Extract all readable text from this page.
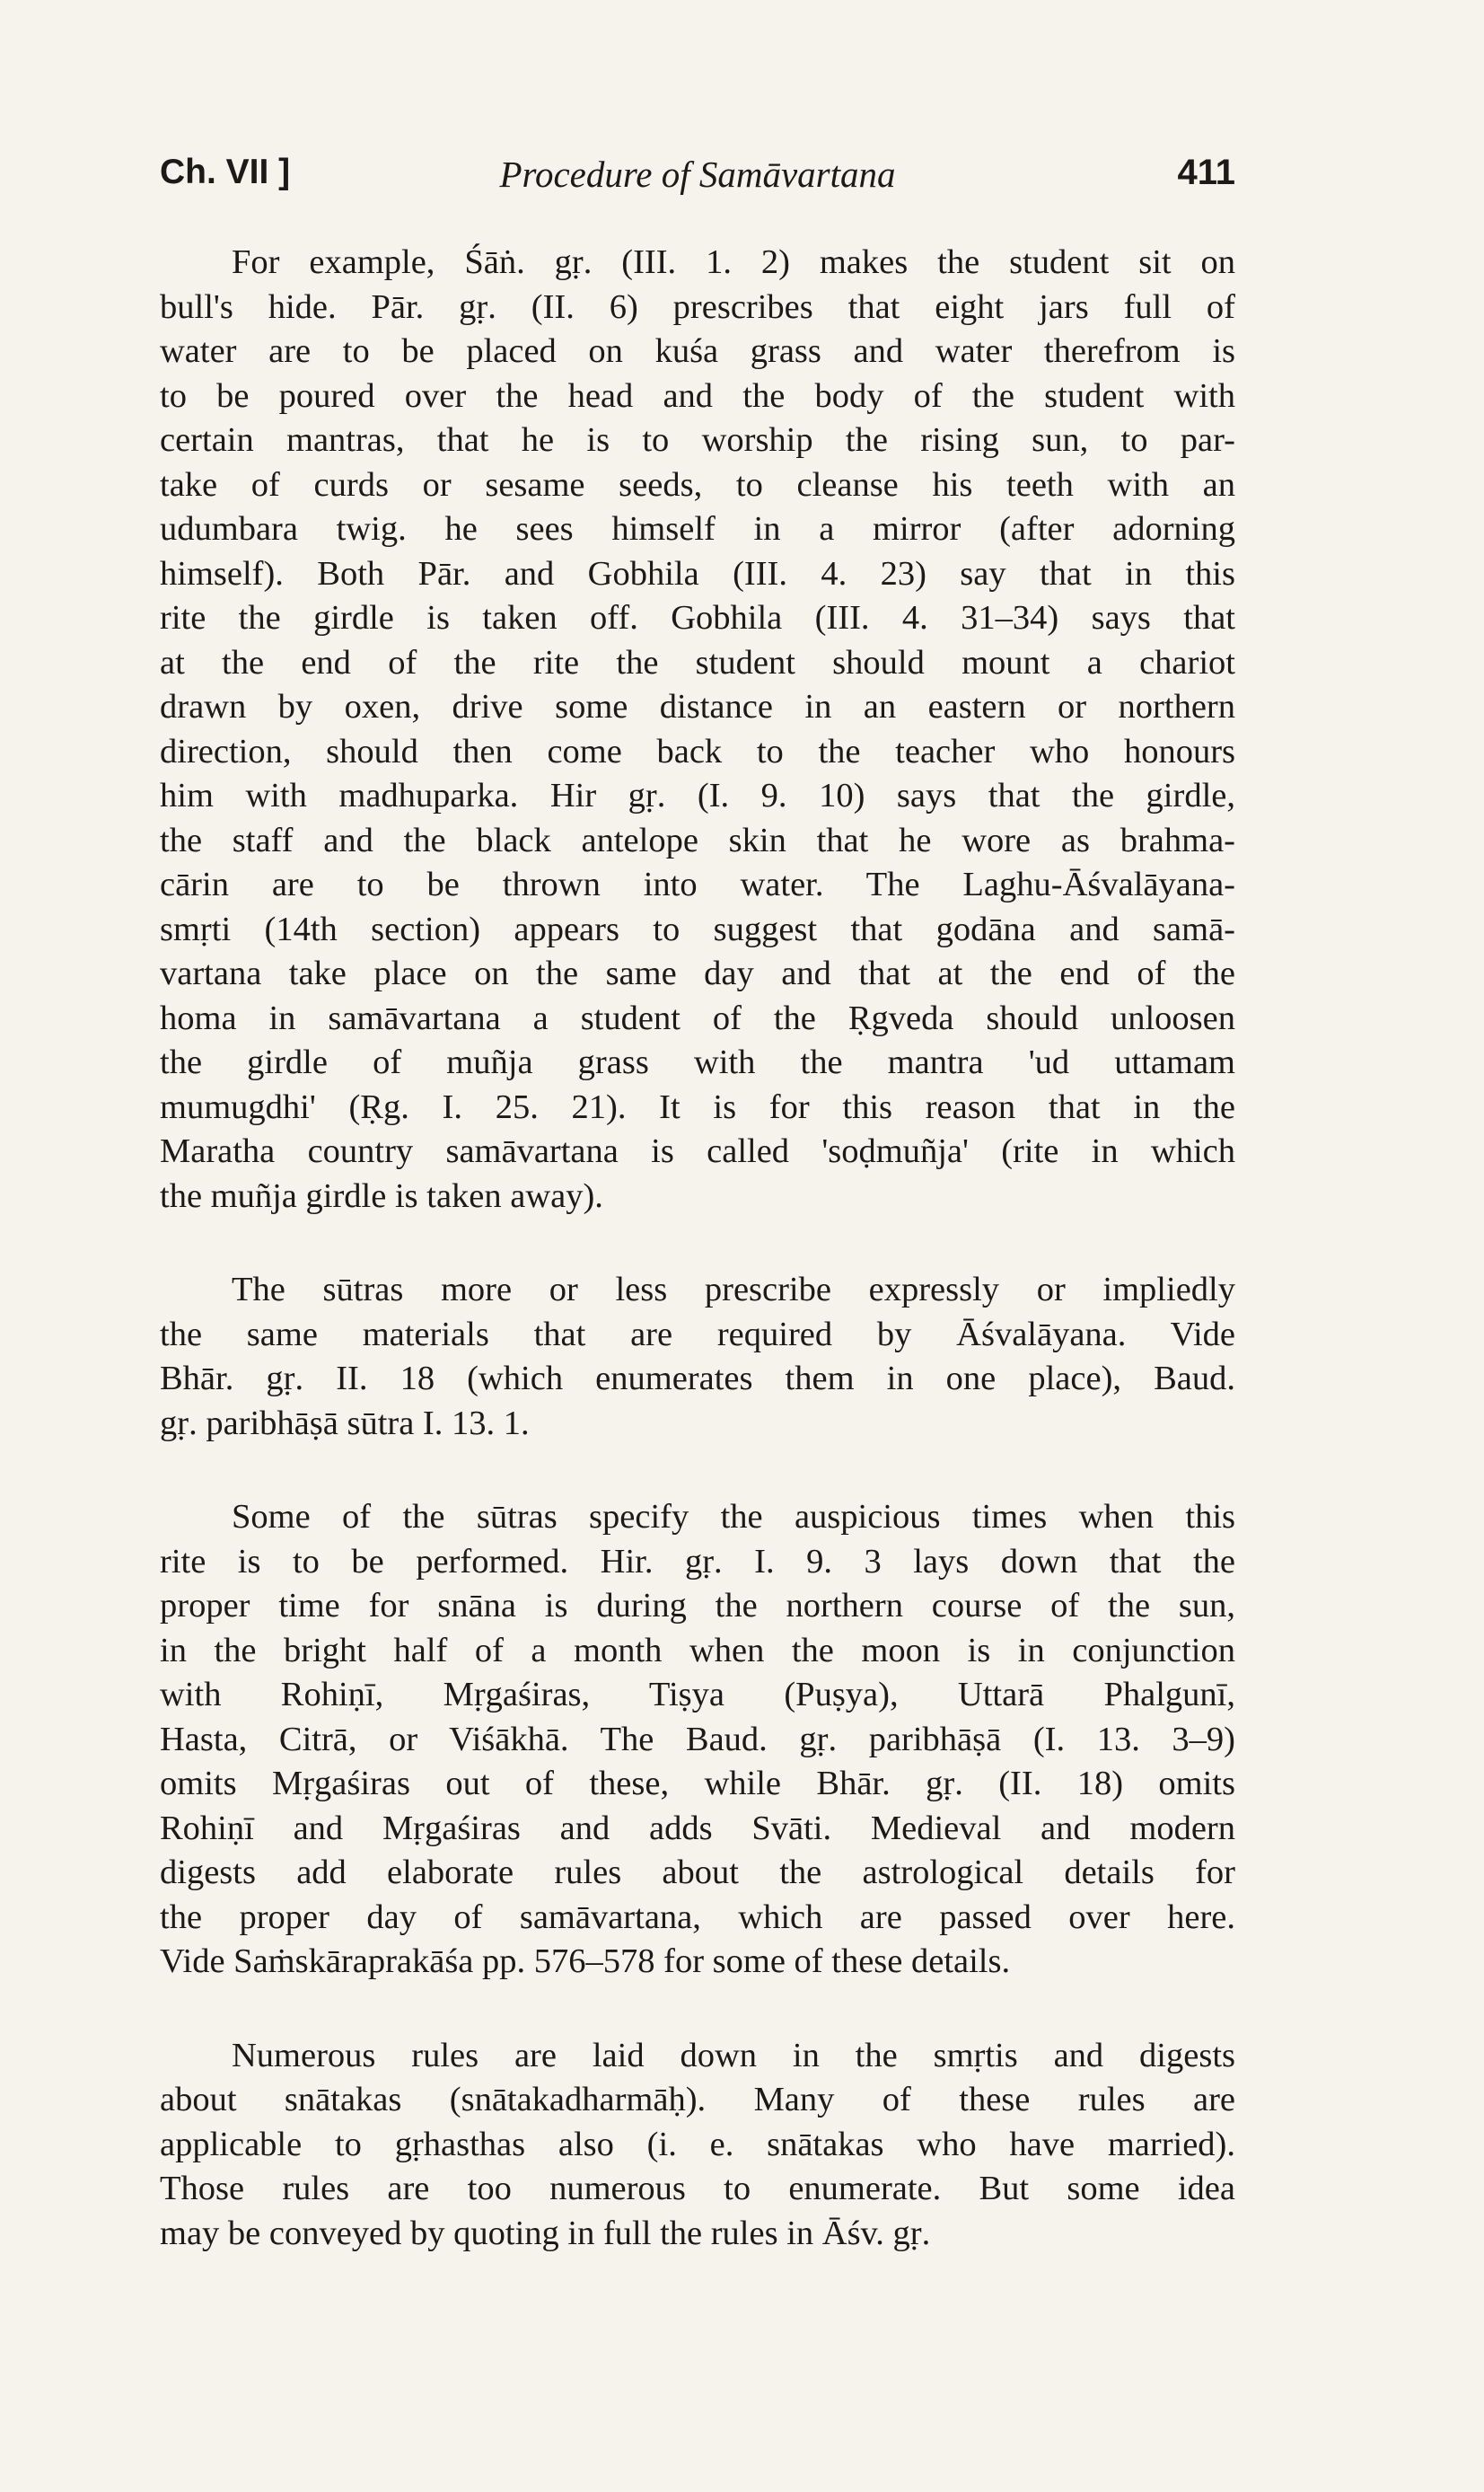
Ch. VII ]	Procedure of Samāvartana	411
For example, Śāṅ. gṛ. (III. 1. 2) makes the student sit on
bull's hide. Pār. gṛ. (II. 6) prescribes that eight jars full of
water are to be placed on kuśa grass and water therefrom is
to be poured over the head and the body of the student with
certain mantras, that he is to worship the rising sun, to par-
take of curds or sesame seeds, to cleanse his teeth with an
udumbara twig. he sees himself in a mirror (after adorning
himself). Both Pār. and Gobhila (III. 4. 23) say that in this
rite the girdle is taken off. Gobhila (III. 4. 31–34) says that
at the end of the rite the student should mount a chariot
drawn by oxen, drive some distance in an eastern or northern
direction, should then come back to the teacher who honours
him with madhuparka. Hir gṛ. (I. 9. 10) says that the girdle,
the staff and the black antelope skin that he wore as brahma-
cārin are to be thrown into water. The Laghu-Āśvalāyana-
smṛti (14th section) appears to suggest that godāna and samā-
vartana take place on the same day and that at the end of the
homa in samāvartana a student of the Ṛgveda should unloosen
the girdle of muñja grass with the mantra 'ud uttamam
mumugdhi' (Ṛg. I. 25. 21). It is for this reason that in the
Maratha country samāvartana is called 'soḍmuñja' (rite in which
the muñja girdle is taken away).
The sūtras more or less prescribe expressly or impliedly
the same materials that are required by Āśvalāyana. Vide
Bhār. gṛ. II. 18 (which enumerates them in one place), Baud.
gṛ. paribhāṣā sūtra I. 13. 1.
Some of the sūtras specify the auspicious times when this
rite is to be performed. Hir. gṛ. I. 9. 3 lays down that the
proper time for snāna is during the northern course of the sun,
in the bright half of a month when the moon is in conjunction
with Rohiṇī, Mṛgaśiras, Tiṣya (Puṣya), Uttarā Phalgunī,
Hasta, Citrā, or Viśākhā. The Baud. gṛ. paribhāṣā (I. 13. 3–9)
omits Mṛgaśiras out of these, while Bhār. gṛ. (II. 18) omits
Rohiṇī and Mṛgaśiras and adds Svāti. Medieval and modern
digests add elaborate rules about the astrological details for
the proper day of samāvartana, which are passed over here.
Vide Saṁskāraprakāśa pp. 576–578 for some of these details.
Numerous rules are laid down in the smṛtis and digests
about snātakas (snātakadharmāḥ). Many of these rules are
applicable to gṛhasthas also (i. e. snātakas who have married).
Those rules are too numerous to enumerate. But some idea
may be conveyed by quoting in full the rules in Āśv. gṛ.
